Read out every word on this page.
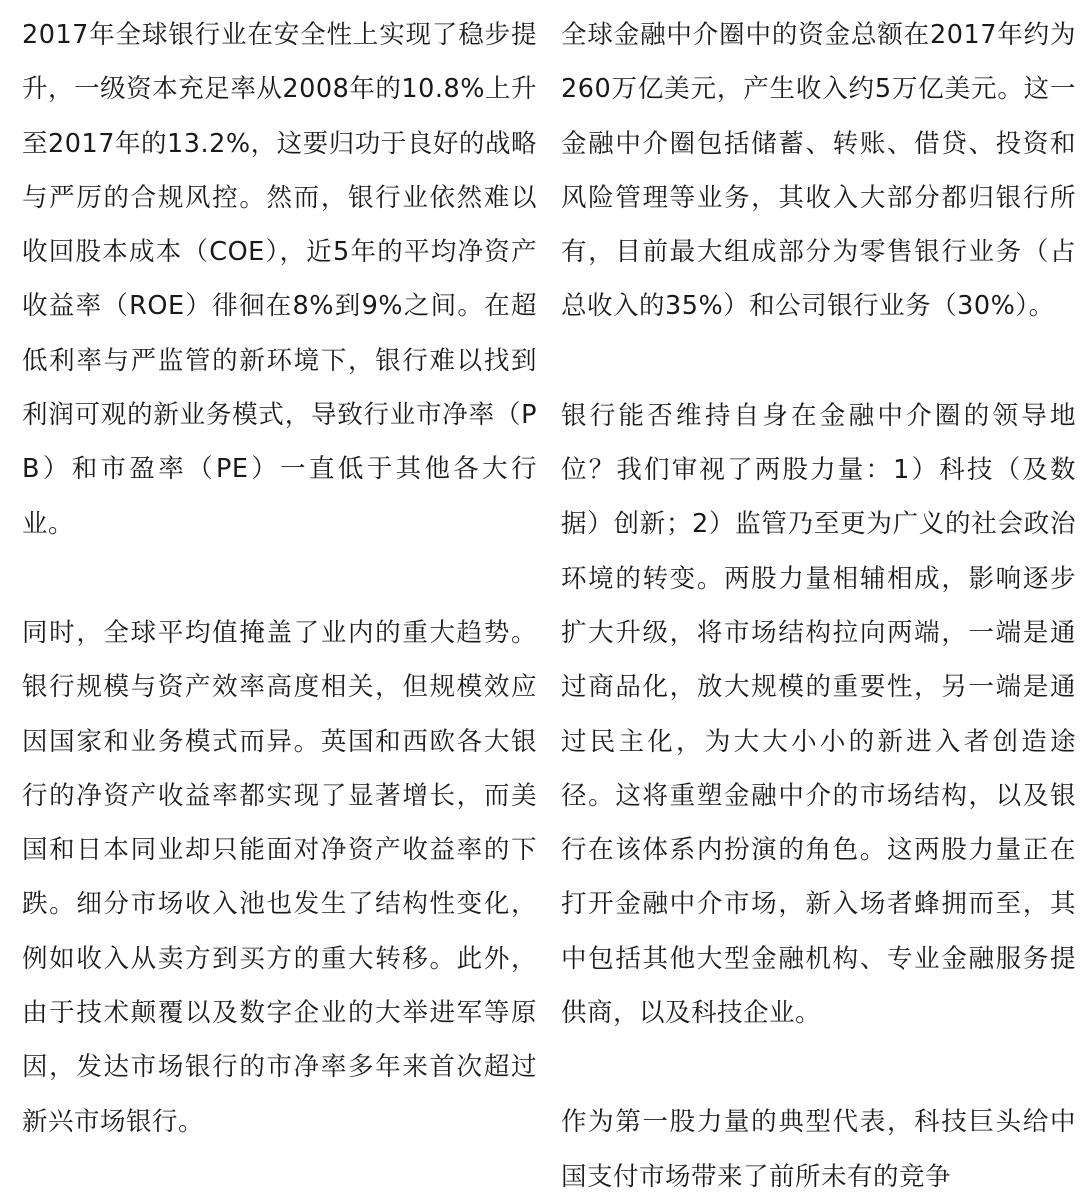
2017年全球银行业在安全性上实现了稳步提升，一级资本充足率从2008年的10.8%上升至2017年的13.2%，这要归功于良好的战略与严厉的合规风控。然而，银行业依然难以收回股本成本（COE），近5年的平均净资产收益率（ROE）徘徊在8%到9%之间。在超低利率与严监管的新环境下，银行难以找到利润可观的新业务模式，导致行业市净率（PB）和市盈率（PE）一直低于其他各大行业。

同时，全球平均值掩盖了业内的重大趋势。银行规模与资产效率高度相关，但规模效应因国家和业务模式而异。英国和西欧各大银行的净资产收益率都实现了显著增长，而美国和日本同业却只能面对净资产收益率的下跌。细分市场收入池也发生了结构性变化，例如收入从卖方到买方的重大转移。此外，由于技术颠覆以及数字企业的大举进军等原因，发达市场银行的市净率多年来首次超过新兴市场银行。

全球金融中介圈中的资金总额在2017年约为260万亿美元，产生收入约5万亿美元。这一金融中介圈包括储蓄、转账、借贷、投资和风险管理等业务，其收入大部分都归银行所有，目前最大组成部分为零售银行业务（占总收入的35%）和公司银行业务（30%）。

银行能否维持自身在金融中介圈的领导地位？我们审视了两股力量：1）科技（及数据）创新；2）监管乃至更为广义的社会政治环境的转变。两股力量相辅相成，影响逐步扩大升级，将市场结构拉向两端，一端是通过商品化，放大规模的重要性，另一端是通过民主化，为大大小小的新进入者创造途径。这将重塑金融中介的市场结构，以及银行在该体系内扮演的角色。这两股力量正在打开金融中介市场，新入场者蜂拥而至，其中包括其他大型金融机构、专业金融服务提供商，以及科技企业。

作为第一股力量的典型代表，科技巨头给中国支付市场带来了前所未有的竞争
